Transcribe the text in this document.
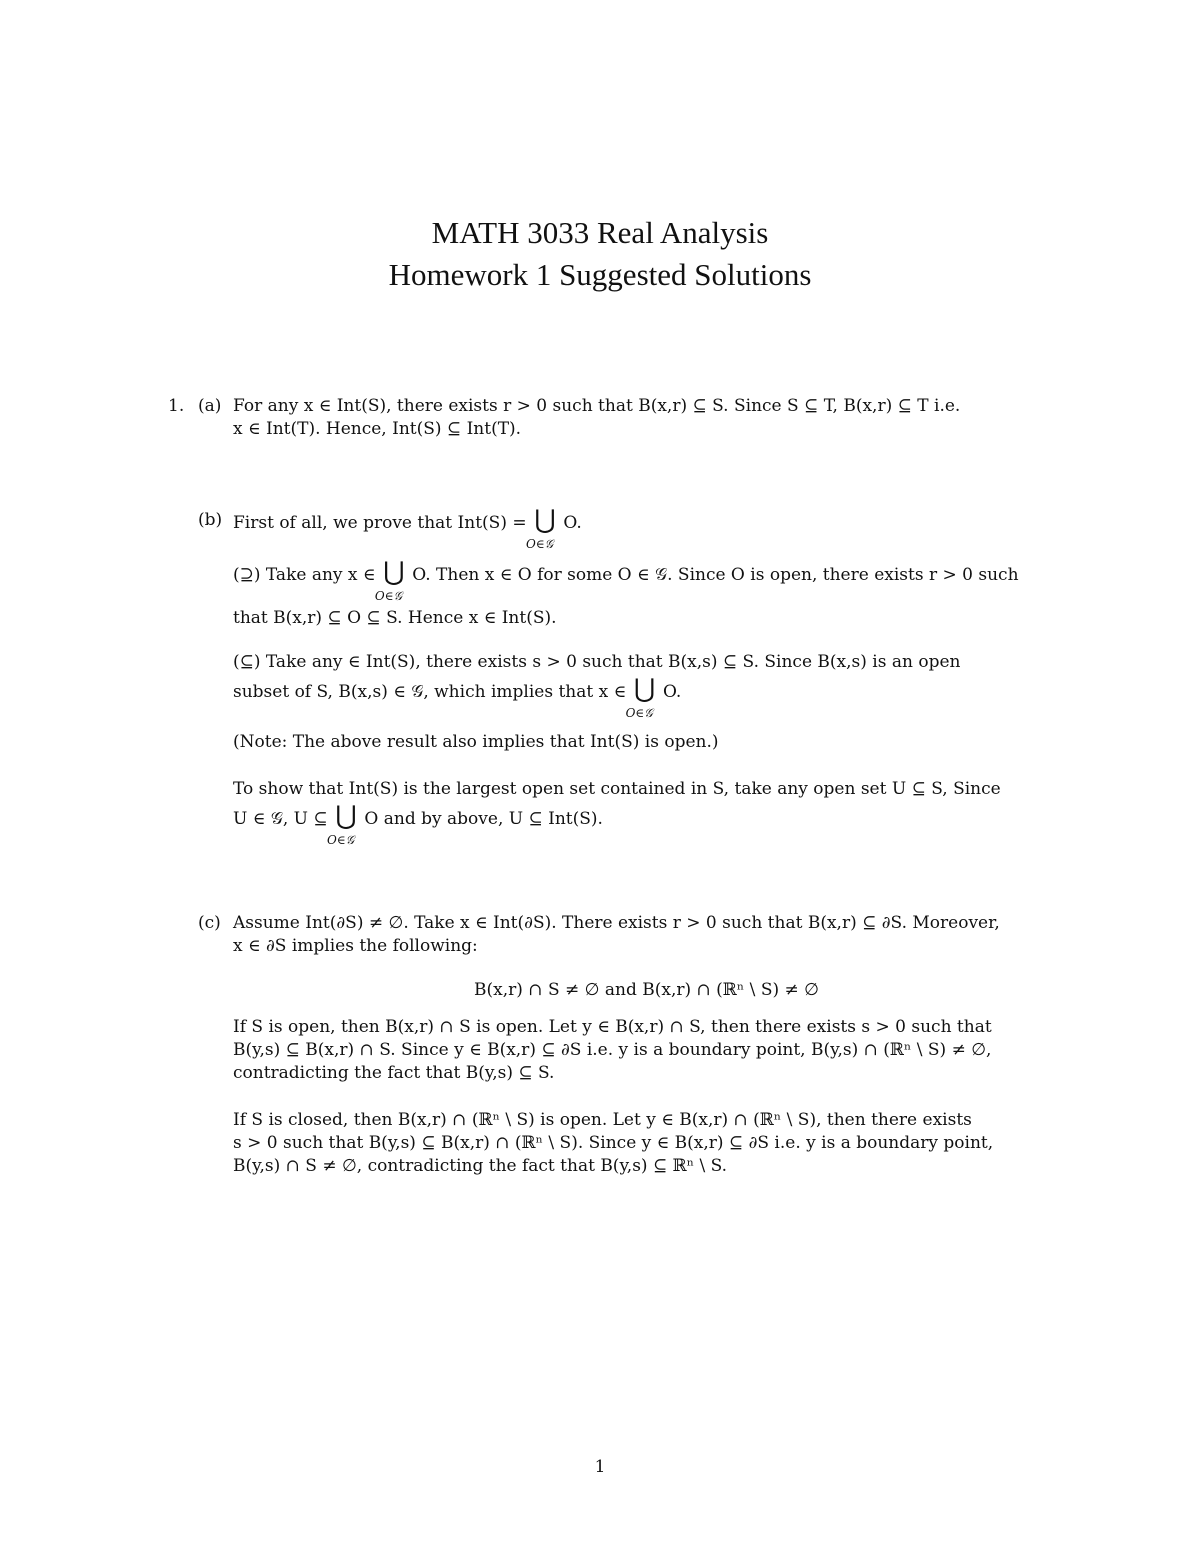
MATH 3033 Real Analysis
Homework 1 Suggested Solutions
1. (a) For any x ∈ Int(S), there exists r > 0 such that B(x,r) ⊆ S. Since S ⊆ T, B(x,r) ⊆ T i.e.
x ∈ Int(T). Hence, Int(S) ⊆ Int(T).
(b) First of all, we prove that Int(S) = ⋃
O∈𝒢
O.
(⊇) Take any x ∈ ⋃
O∈𝒢
O. Then x ∈ O for some O ∈ 𝒢. Since O is open, there exists r > 0 such
that B(x,r) ⊆ O ⊆ S. Hence x ∈ Int(S).
(⊆) Take any ∈ Int(S), there exists s > 0 such that B(x,s) ⊆ S. Since B(x,s) is an open
subset of S, B(x,s) ∈ 𝒢, which implies that x ∈ ⋃
O∈𝒢
O.
(Note: The above result also implies that Int(S) is open.)
To show that Int(S) is the largest open set contained in S, take any open set U ⊆ S, Since
U ∈ 𝒢, U ⊆ ⋃
O∈𝒢
O and by above, U ⊆ Int(S).
(c) Assume Int(∂S) ≠ ∅. Take x ∈ Int(∂S). There exists r > 0 such that B(x,r) ⊆ ∂S. Moreover,
x ∈ ∂S implies the following:
B(x,r) ∩ S ≠ ∅ and B(x,r) ∩ (ℝⁿ \ S) ≠ ∅
If S is open, then B(x,r) ∩ S is open. Let y ∈ B(x,r) ∩ S, then there exists s > 0 such that
B(y,s) ⊆ B(x,r) ∩ S. Since y ∈ B(x,r) ⊆ ∂S i.e. y is a boundary point, B(y,s) ∩ (ℝⁿ \ S) ≠ ∅,
contradicting the fact that B(y,s) ⊆ S.
If S is closed, then B(x,r) ∩ (ℝⁿ \ S) is open. Let y ∈ B(x,r) ∩ (ℝⁿ \ S), then there exists
s > 0 such that B(y,s) ⊆ B(x,r) ∩ (ℝⁿ \ S). Since y ∈ B(x,r) ⊆ ∂S i.e. y is a boundary point,
B(y,s) ∩ S ≠ ∅, contradicting the fact that B(y,s) ⊆ ℝⁿ \ S.
1
